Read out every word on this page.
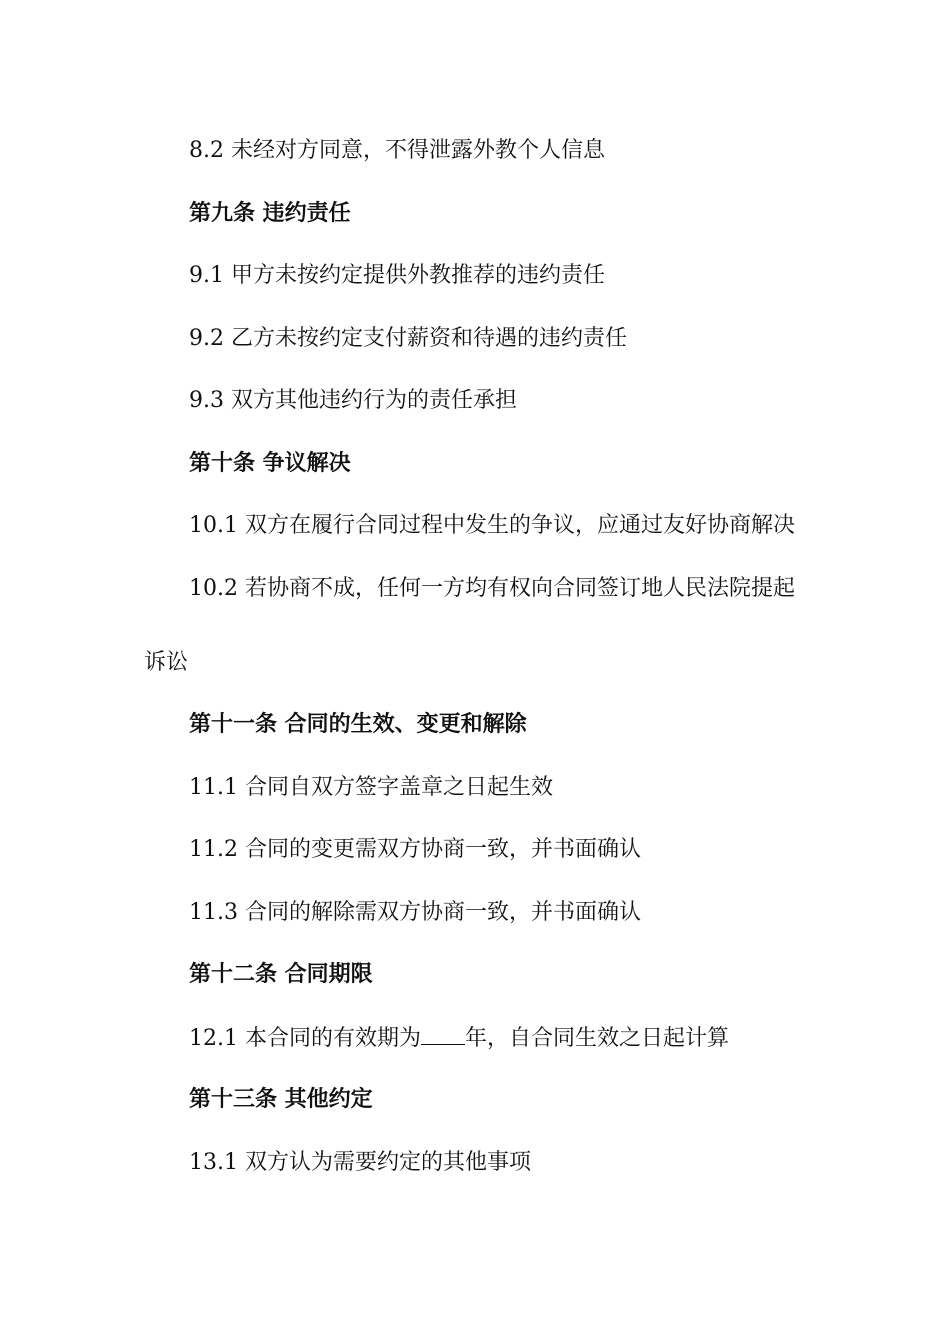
8.2 未经对方同意，不得泄露外教个人信息
第九条 违约责任
9.1 甲方未按约定提供外教推荐的违约责任
9.2 乙方未按约定支付薪资和待遇的违约责任
9.3 双方其他违约行为的责任承担
第十条 争议解决
10.1 双方在履行合同过程中发生的争议，应通过友好协商解决
10.2 若协商不成，任何一方均有权向合同签订地人民法院提起
诉讼
第十一条 合同的生效、变更和解除
11.1 合同自双方签字盖章之日起生效
11.2 合同的变更需双方协商一致，并书面确认
11.3 合同的解除需双方协商一致，并书面确认
第十二条 合同期限
12.1 本合同的有效期为 年，自合同生效之日起计算
第十三条 其他约定
13.1 双方认为需要约定的其他事项
